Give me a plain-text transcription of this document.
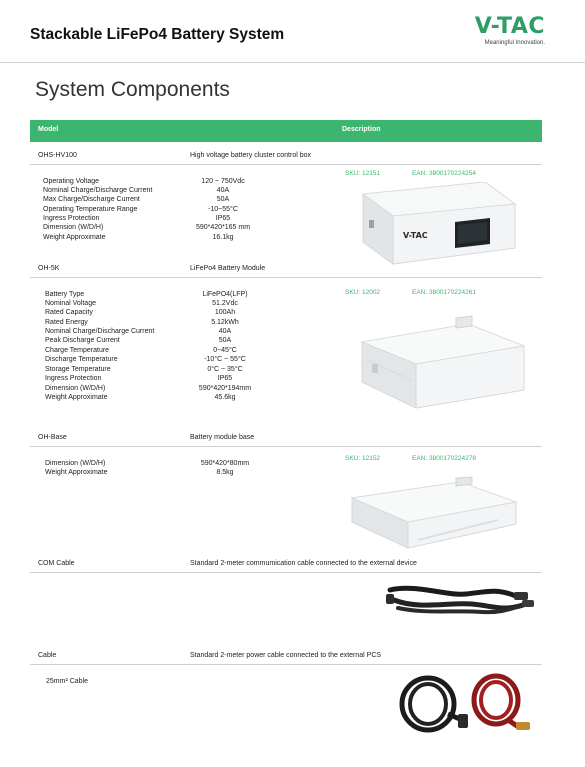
Stackable LiFePo4 Battery System	V-TAC
Meaningful Innovation.
System Components
Model	Description
OHS-HV100	High voltage battery cluster control box
SKU: 12151	EAN: 3800170224254
Operating Voltage	120 ~ 750Vdc
Nominal Charge/Discharge Current	40A
Max Charge/Discharge Current	50A
Operating Temperature Range	-10~55°C
Ingress Protection	IP65
Dimension (W/D/H)	590*420*165 mm
Weight Approximate	16.1kg	V-TAC
OH-5K	LiFePo4 Battery Module
SKU: 12002	EAN: 3800170224261
Battery Type	LiFePO4(LFP)
Nominal Voltage	51.2Vdc
Rated Capacity	100Ah
Rated Energy	5.12kWh
Nominal Charge/Discharge Current	40A
Peak Discharge Current	50A
Charge Temperature	0~45°C
Discharge Temperature	-10°C ~ 55°C
Storage Temperature	0°C ~ 35°C
Ingress Protection	IP65
Dimension (W/D/H)	590*420*194mm
Weight Approximate	45.6kg
OH-Base	Battery module base
SKU: 12152	EAN: 3800170224278
Dimension (W/D/H)	590*420*80mm
Weight Approximate	8.5kg
COM Cable	Standard 2-meter commumication cable connected to the external device
Cable	Standard 2-meter power cable connected to the external PCS
25mm² Cable
